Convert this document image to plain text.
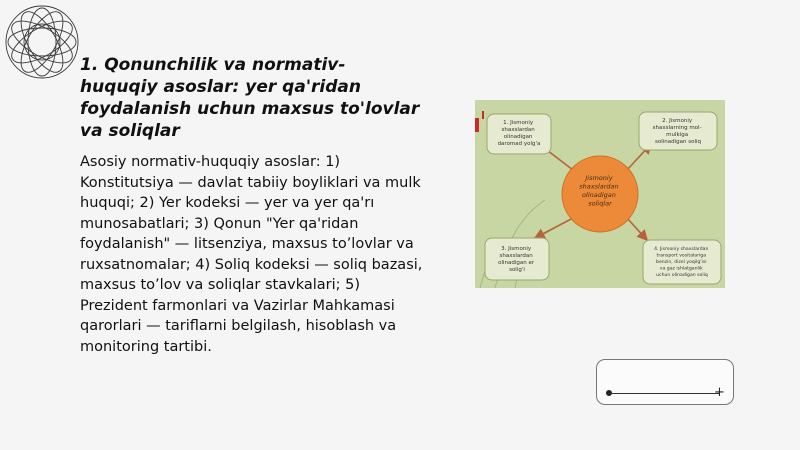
1. Qonunchilik va normativ-huquqiy asoslar: yer qa'ridan foydalanish uchun maxsus to'lovlar va soliqlar
Asosiy normativ-huquqiy asoslar: 1) Konstitutsiya — davlat tabiiy boyliklari va mulk huquqi; 2) Yer kodeksi — yer va yer qa'rı munosabatlari; 3) Qonun "Yer qa'ridan foydalanish" — litsenziya, maxsus to’lovlar va ruxsatnomalar; 4) Soliq kodeksi — soliq bazasi, maxsus to’lov va soliqlar stavkalari; 5) Prezident farmonlari va Vazirlar Mahkamasi qarorlari — tariflarni belgilash, hisoblash va monitoring tartibi.
1. Jismoniy shaxslardan olinadigan daromad yolg'a
2. Jismoniy shaxslarning mol- mulkiga solinadigan soliq
Jismoniy shaxslardan olinadigan soliqlar
3. Jismoniy shaxslardan olinadigan er solig'i
4. Jismoniy shaxslardan transport vositalariga benzin, dizel yoqilg'isi va gaz ishlatganlik uchun olinadigan soliq
+
